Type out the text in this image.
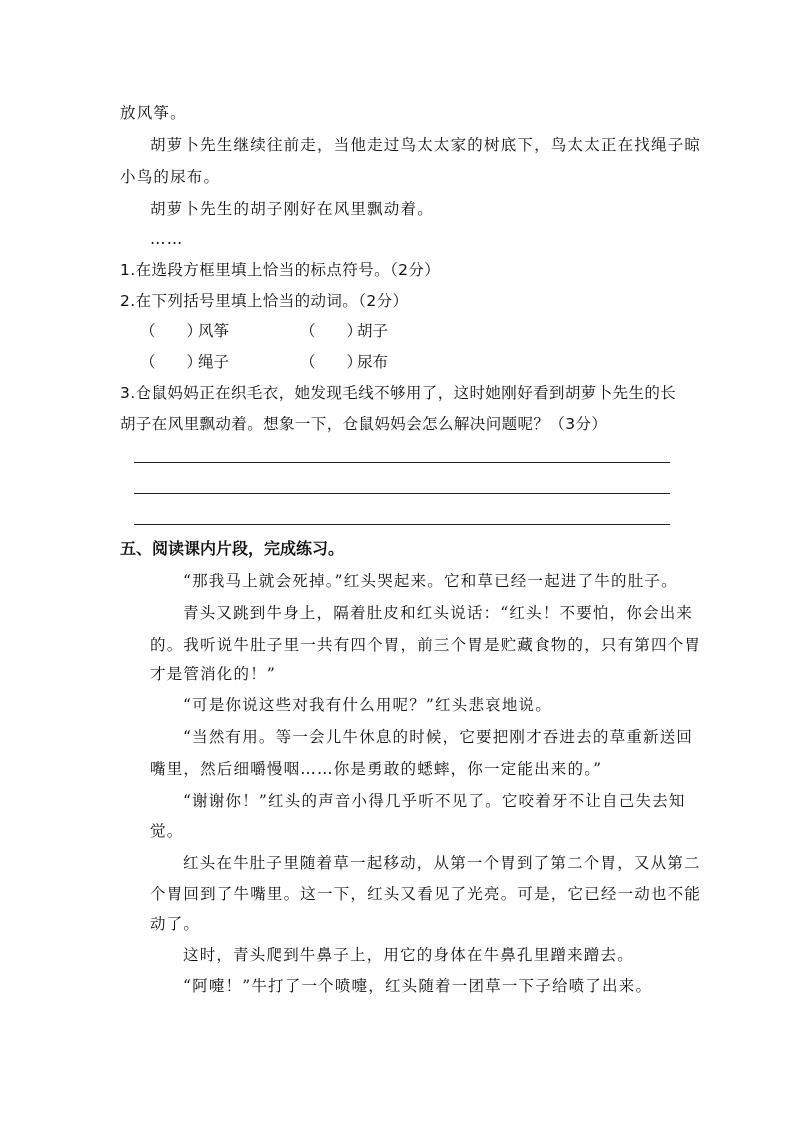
放风筝。
胡萝卜先生继续往前走，当他走过鸟太太家的树底下，鸟太太正在找绳子晾
小鸟的尿布。
胡萝卜先生的胡子刚好在风里飘动着。
……
1.在选段方框里填上恰当的标点符号。（2分）
2.在下列括号里填上恰当的动词。（2分）
（　　）
风筝	（　　）
胡子
（　　）
绳子	（　　）
尿布
3.仓鼠妈妈正在织毛衣，她发现毛线不够用了，这时她刚好看到胡萝卜先生的长
胡子在风里飘动着。想象一下，仓鼠妈妈会怎么解决问题呢？（3分）
五、阅读课内片段，完成练习。
“那我马上就会死掉。”红头哭起来。它和草已经一起进了牛的肚子。
青头又跳到牛身上，隔着肚皮和红头说话：“红头！不要怕，你会出来
的。我听说牛肚子里一共有四个胃，前三个胃是贮藏食物的，只有第四个胃
才是管消化的！”
“可是你说这些对我有什么用呢？”红头悲哀地说。
“当然有用。等一会儿牛休息的时候，它要把刚才吞进去的草重新送回
嘴里，然后细嚼慢咽……你是勇敢的蟋蟀，你一定能出来的。”
“谢谢你！”红头的声音小得几乎听不见了。它咬着牙不让自己失去知
觉。
红头在牛肚子里随着草一起移动，从第一个胃到了第二个胃，又从第二
个胃回到了牛嘴里。这一下，红头又看见了光亮。可是，它已经一动也不能
动了。
这时，青头爬到牛鼻子上，用它的身体在牛鼻孔里蹭来蹭去。
“阿嚏！”牛打了一个喷嚏，红头随着一团草一下子给喷了出来。
